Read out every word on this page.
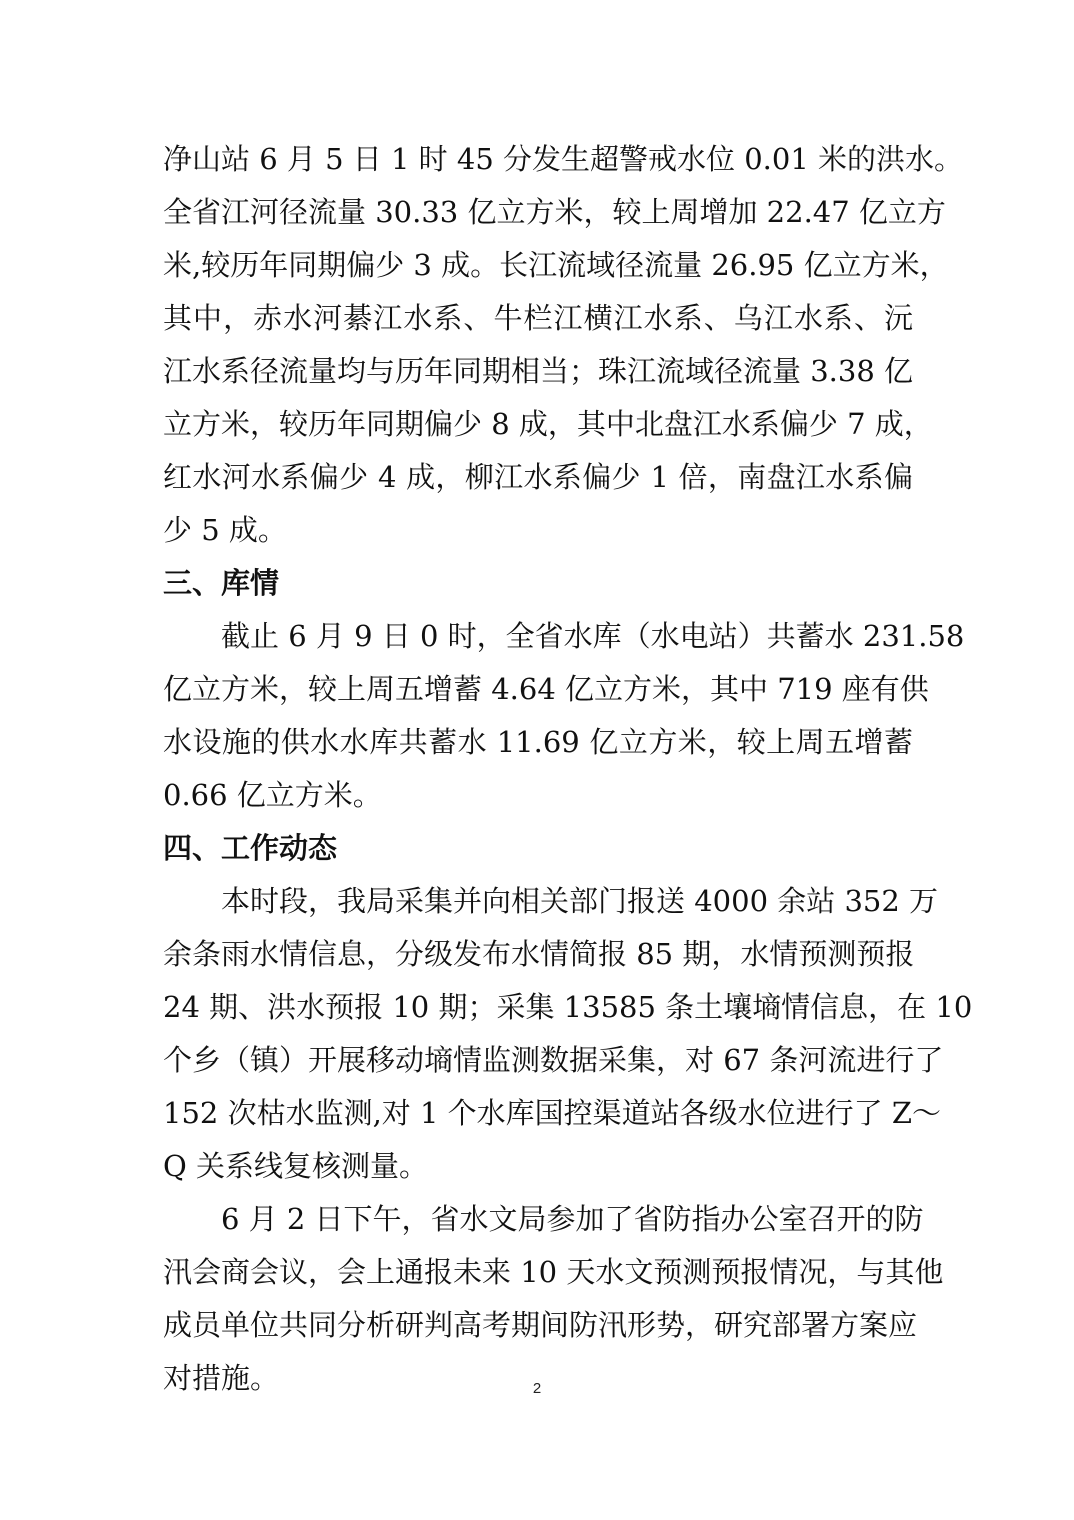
净山站 6 月 5 日 1 时 45 分发生超警戒水位 0.01 米的洪水。
全省江河径流量 30.33 亿立方米，较上周增加 22.47 亿立方
米,较历年同期偏少 3 成。长江流域径流量 26.95 亿立方米，
其中，赤水河綦江水系、牛栏江横江水系、乌江水系、沅
江水系径流量均与历年同期相当；珠江流域径流量 3.38 亿
立方米，较历年同期偏少 8 成，其中北盘江水系偏少 7 成，
红水河水系偏少 4 成，柳江水系偏少 1 倍，南盘江水系偏
少 5 成。
三、库情
截止 6 月 9 日 0 时，全省水库（水电站）共蓄水 231.58
亿立方米，较上周五增蓄 4.64 亿立方米，其中 719 座有供
水设施的供水水库共蓄水 11.69 亿立方米，较上周五增蓄
0.66 亿立方米。
四、工作动态
本时段，我局采集并向相关部门报送 4000 余站 352 万
余条雨水情信息，分级发布水情简报 85 期，水情预测预报
24 期、洪水预报 10 期；采集 13585 条土壤墒情信息，在 10
个乡（镇）开展移动墒情监测数据采集，对 67 条河流进行了
152 次枯水监测,对 1 个水库国控渠道站各级水位进行了 Z～
Q 关系线复核测量。
6 月 2 日下午，省水文局参加了省防指办公室召开的防
汛会商会议，会上通报未来 10 天水文预测预报情况，与其他
成员单位共同分析研判高考期间防汛形势，研究部署方案应
对措施。	2
